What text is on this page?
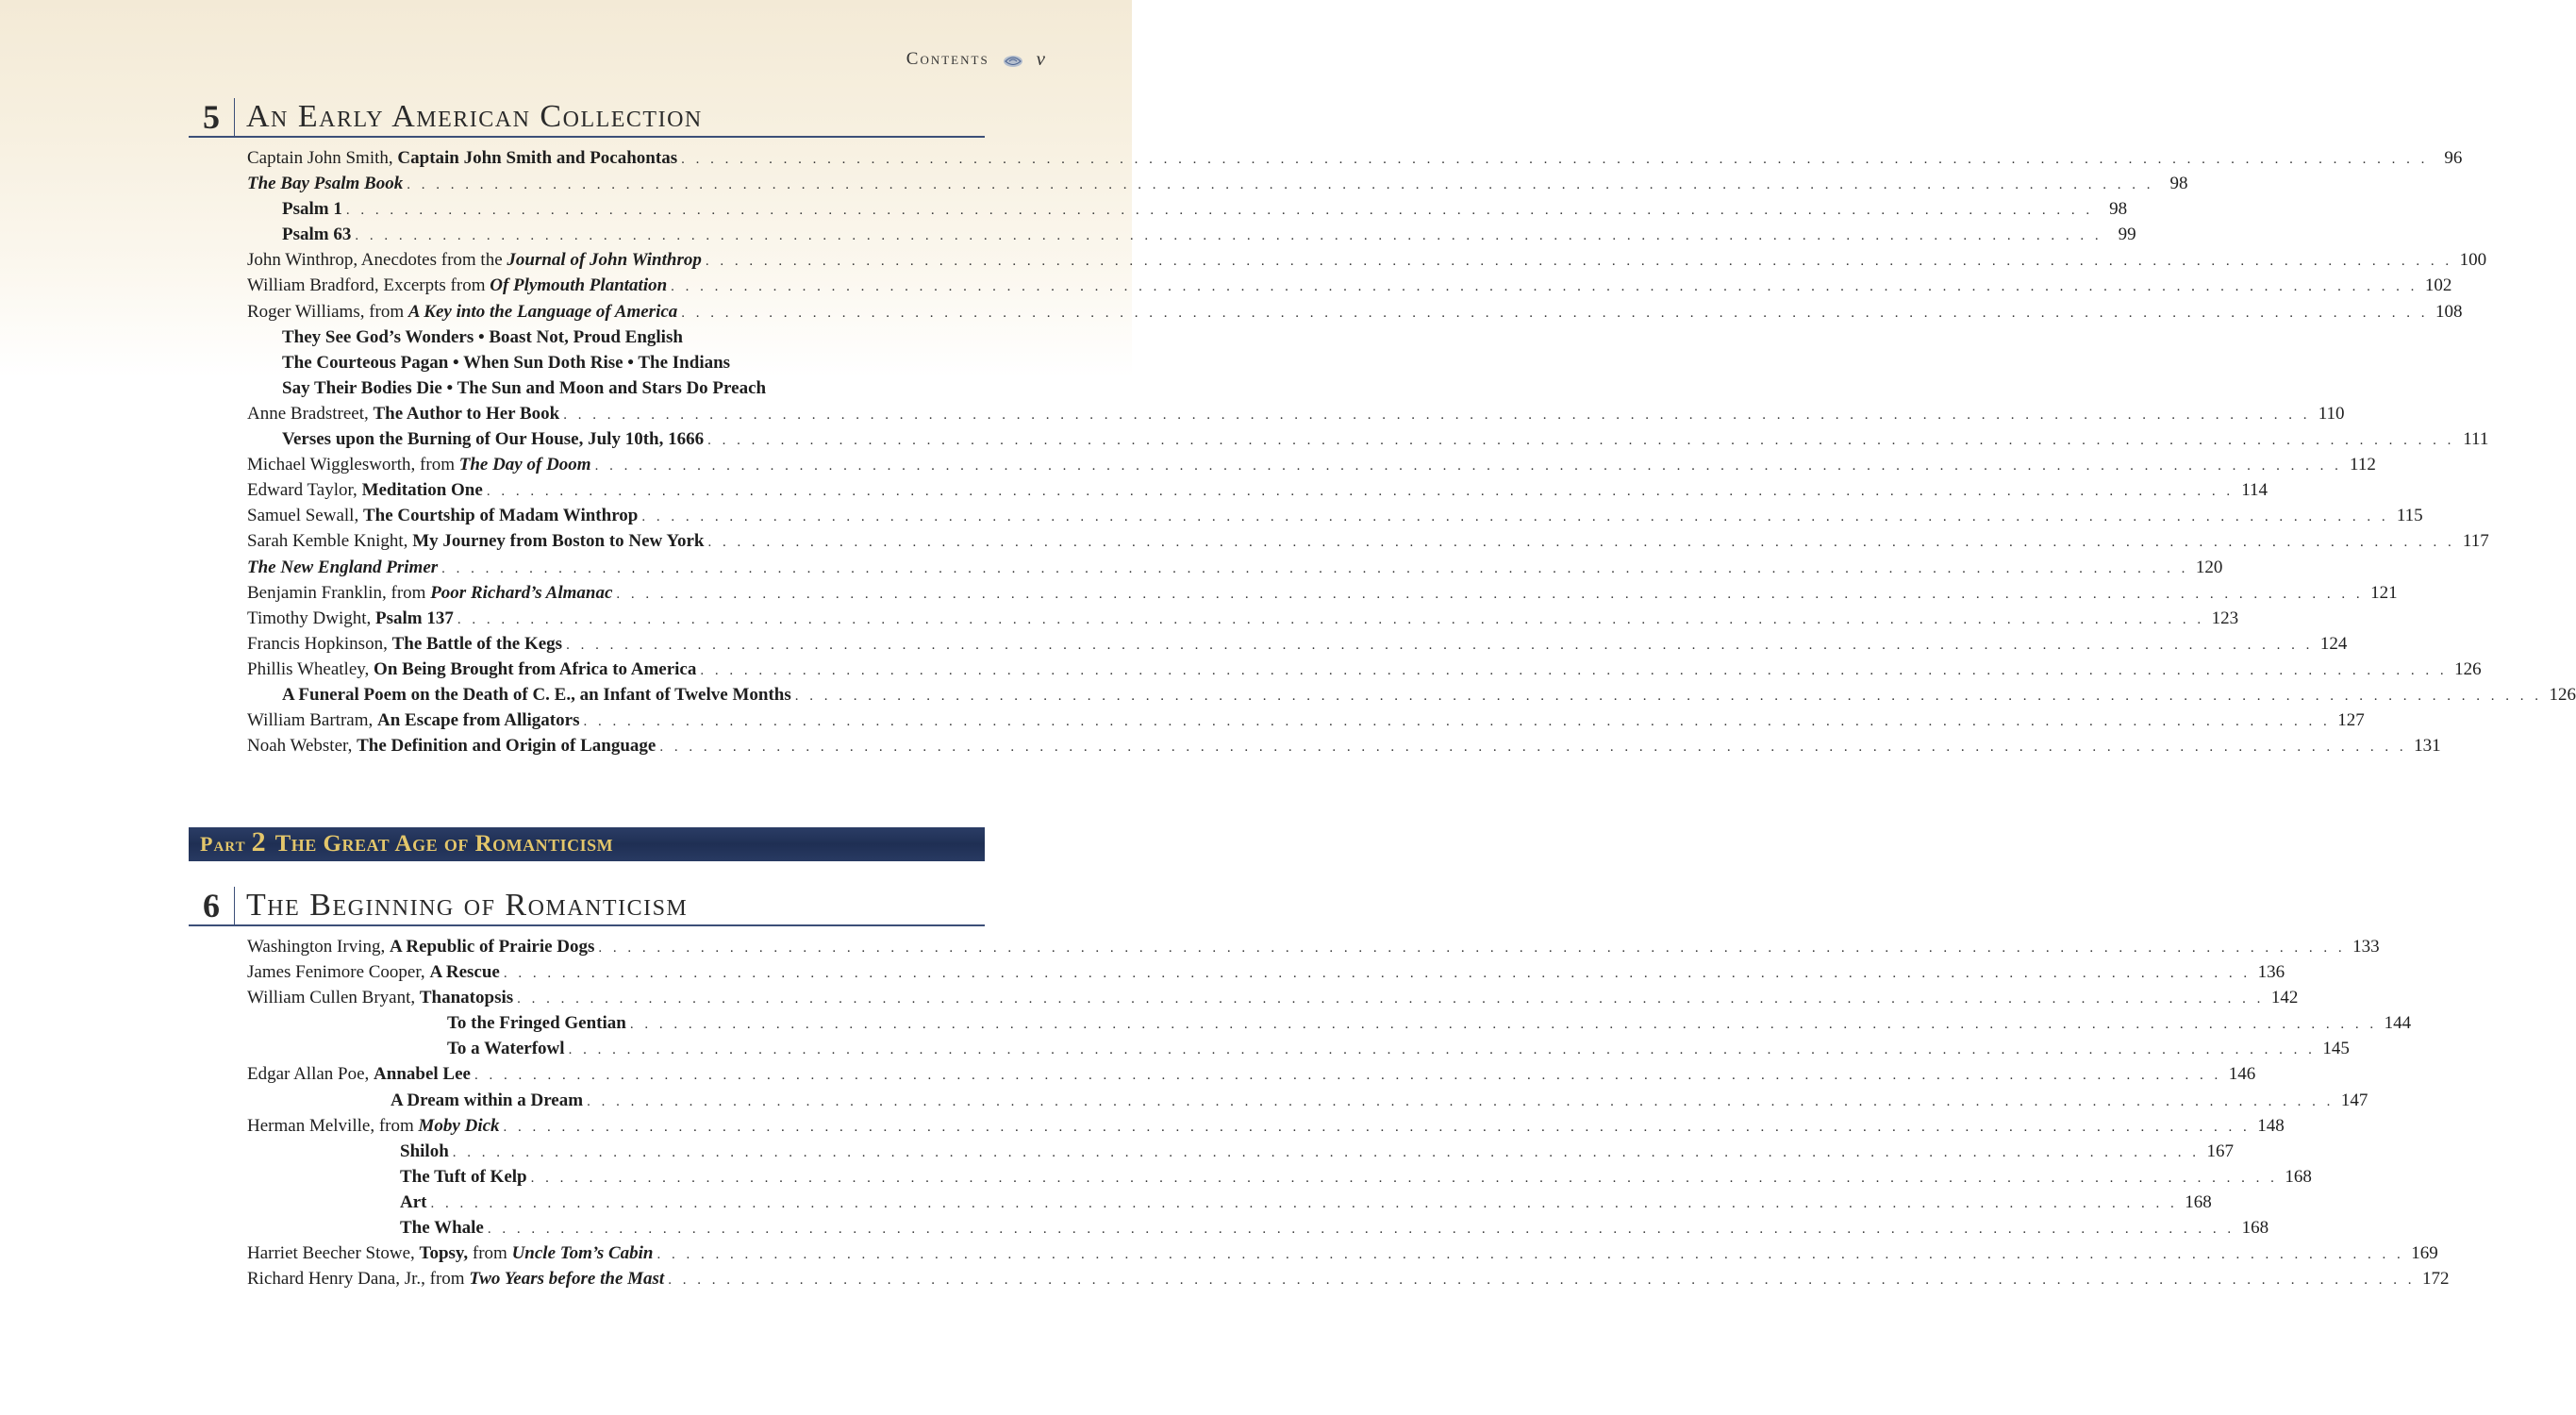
Contents v
5 An Early American Collection
Captain John Smith, Captain John Smith and Pocahontas . . . . . . . . . . . . . . . . . . . . . . . . . . . . . . . . . . . . . . . . . . . . . . . . . . . . . . . . . . . . . . . . . . . . . . . . . . . . . . . . . . . . . . . . . . . . . . . . . . . . . . . . . . . . . . . . . . . . . . . . 96
The Bay Psalm Book . . . . . . . . . . . . . . . . . . . . . . . . . . . . . . . . . . . . . . . . . . . . . . . . . . . . . . . . . . . . . . . . . . . . . . . . . . . . . . . . . . . . . . . . . . . . . . . . . . . . . . . . . . . . . . . . . . . . . . . . 98
Psalm 1 . . . . . . . . . . . . . . . . . . . . . . . . . . . . . . . . . . . . . . . . . . . . . . . . . . . . . . . . . . . . . . . . . . . . . . . . . . . . . . . . . . . . . . . . . . . . . . . . . . . . . . . . . . . . . . . . . . . . . . . . 98
Psalm 63 . . . . . . . . . . . . . . . . . . . . . . . . . . . . . . . . . . . . . . . . . . . . . . . . . . . . . . . . . . . . . . . . . . . . . . . . . . . . . . . . . . . . . . . . . . . . . . . . . . . . . . . . . . . . . . . . . . . . . . . . 99
John Winthrop, Anecdotes from the Journal of John Winthrop . . . . . . . . . . . . . . . . . . . . . . . . . . . . . . . . . . . . . . . . . . . . . . . . . . . . . . . . . . . . . . . . . . . . . . . . . . . . . . . . . . . . . . . . . . . . . . . . . . . . . . . . . . . . . . . . . . . . . . . . 100
William Bradford, Excerpts from Of Plymouth Plantation . . . . . . . . . . . . . . . . . . . . . . . . . . . . . . . . . . . . . . . . . . . . . . . . . . . . . . . . . . . . . . . . . . . . . . . . . . . . . . . . . . . . . . . . . . . . . . . . . . . . . . . . . . . . . . . . . . . . . . . . 102
Roger Williams, from A Key into the Language of America . . . . . . . . . . . . . . . . . . . . . . . . . . . . . . . . . . . . . . . . . . . . . . . . . . . . . . . . . . . . . . . . . . . . . . . . . . . . . . . . . . . . . . . . . . . . . . . . . . . . . . . . . . . . . . . . . . . . . . . . 108
They See God’s Wonders • Boast Not, Proud English
The Courteous Pagan • When Sun Doth Rise • The Indians
Say Their Bodies Die • The Sun and Moon and Stars Do Preach
Anne Bradstreet, The Author to Her Book . . . . . . . . . . . . . . . . . . . . . . . . . . . . . . . . . . . . . . . . . . . . . . . . . . . . . . . . . . . . . . . . . . . . . . . . . . . . . . . . . . . . . . . . . . . . . . . . . . . . . . . . . . . . . . . . . . . . . . . . 110
Verses upon the Burning of Our House, July 10th, 1666 . . . . . . . . . . . . . . . . . . . . . . . . . . . . . . . . . . . . . . . . . . . . . . . . . . . . . . . . . . . . . . . . . . . . . . . . . . . . . . . . . . . . . . . . . . . . . . . . . . . . . . . . . . . . . . . . . . . . . . . . 111
Michael Wigglesworth, from The Day of Doom . . . . . . . . . . . . . . . . . . . . . . . . . . . . . . . . . . . . . . . . . . . . . . . . . . . . . . . . . . . . . . . . . . . . . . . . . . . . . . . . . . . . . . . . . . . . . . . . . . . . . . . . . . . . . . . . . . . . . . . . 112
Edward Taylor, Meditation One . . . . . . . . . . . . . . . . . . . . . . . . . . . . . . . . . . . . . . . . . . . . . . . . . . . . . . . . . . . . . . . . . . . . . . . . . . . . . . . . . . . . . . . . . . . . . . . . . . . . . . . . . . . . . . . . . . . . . . . . 114
Samuel Sewall, The Courtship of Madam Winthrop . . . . . . . . . . . . . . . . . . . . . . . . . . . . . . . . . . . . . . . . . . . . . . . . . . . . . . . . . . . . . . . . . . . . . . . . . . . . . . . . . . . . . . . . . . . . . . . . . . . . . . . . . . . . . . . . . . . . . . . . 115
Sarah Kemble Knight, My Journey from Boston to New York . . . . . . . . . . . . . . . . . . . . . . . . . . . . . . . . . . . . . . . . . . . . . . . . . . . . . . . . . . . . . . . . . . . . . . . . . . . . . . . . . . . . . . . . . . . . . . . . . . . . . . . . . . . . . . . . . . . . . . . . 117
The New England Primer . . . . . . . . . . . . . . . . . . . . . . . . . . . . . . . . . . . . . . . . . . . . . . . . . . . . . . . . . . . . . . . . . . . . . . . . . . . . . . . . . . . . . . . . . . . . . . . . . . . . . . . . . . . . . . . . . . . . . . . . 120
Benjamin Franklin, from Poor Richard’s Almanac . . . . . . . . . . . . . . . . . . . . . . . . . . . . . . . . . . . . . . . . . . . . . . . . . . . . . . . . . . . . . . . . . . . . . . . . . . . . . . . . . . . . . . . . . . . . . . . . . . . . . . . . . . . . . . . . . . . . . . . . 121
Timothy Dwight, Psalm 137 . . . . . . . . . . . . . . . . . . . . . . . . . . . . . . . . . . . . . . . . . . . . . . . . . . . . . . . . . . . . . . . . . . . . . . . . . . . . . . . . . . . . . . . . . . . . . . . . . . . . . . . . . . . . . . . . . . . . . . . . 123
Francis Hopkinson, The Battle of the Kegs . . . . . . . . . . . . . . . . . . . . . . . . . . . . . . . . . . . . . . . . . . . . . . . . . . . . . . . . . . . . . . . . . . . . . . . . . . . . . . . . . . . . . . . . . . . . . . . . . . . . . . . . . . . . . . . . . . . . . . . . 124
Phillis Wheatley, On Being Brought from Africa to America . . . . . . . . . . . . . . . . . . . . . . . . . . . . . . . . . . . . . . . . . . . . . . . . . . . . . . . . . . . . . . . . . . . . . . . . . . . . . . . . . . . . . . . . . . . . . . . . . . . . . . . . . . . . . . . . . . . . . . . . 126
A Funeral Poem on the Death of C. E., an Infant of Twelve Months . . . . . . . . . . . . . . . . . . . . . . . . . . . . . . . . . . . . . . . . . . . . . . . . . . . . . . . . . . . . . . . . . . . . . . . . . . . . . . . . . . . . . . . . . . . . . . . . . . . . . . . . . . . . . . . . . . . . . . . . 126
William Bartram, An Escape from Alligators . . . . . . . . . . . . . . . . . . . . . . . . . . . . . . . . . . . . . . . . . . . . . . . . . . . . . . . . . . . . . . . . . . . . . . . . . . . . . . . . . . . . . . . . . . . . . . . . . . . . . . . . . . . . . . . . . . . . . . . . 127
Noah Webster, The Definition and Origin of Language . . . . . . . . . . . . . . . . . . . . . . . . . . . . . . . . . . . . . . . . . . . . . . . . . . . . . . . . . . . . . . . . . . . . . . . . . . . . . . . . . . . . . . . . . . . . . . . . . . . . . . . . . . . . . . . . . . . . . . . . 131
Part 2 The Great Age of Romanticism
6 The Beginning of Romanticism
Washington Irving, A Republic of Prairie Dogs . . . . . . . . . . . . . . . . . . . . . . . . . . . . . . . . . . . . . . . . . . . . . . . . . . . . . . . . . . . . . . . . . . . . . . . . . . . . . . . . . . . . . . . . . . . . . . . . . . . . . . . . . . . . . . . . . . . . . . . . 133
James Fenimore Cooper, A Rescue . . . . . . . . . . . . . . . . . . . . . . . . . . . . . . . . . . . . . . . . . . . . . . . . . . . . . . . . . . . . . . . . . . . . . . . . . . . . . . . . . . . . . . . . . . . . . . . . . . . . . . . . . . . . . . . . . . . . . . . . 136
William Cullen Bryant, Thanatopsis . . . . . . . . . . . . . . . . . . . . . . . . . . . . . . . . . . . . . . . . . . . . . . . . . . . . . . . . . . . . . . . . . . . . . . . . . . . . . . . . . . . . . . . . . . . . . . . . . . . . . . . . . . . . . . . . . . . . . . . . 142
To the Fringed Gentian . . . . . . . . . . . . . . . . . . . . . . . . . . . . . . . . . . . . . . . . . . . . . . . . . . . . . . . . . . . . . . . . . . . . . . . . . . . . . . . . . . . . . . . . . . . . . . . . . . . . . . . . . . . . . . . . . . . . . . . . 144
To a Waterfowl . . . . . . . . . . . . . . . . . . . . . . . . . . . . . . . . . . . . . . . . . . . . . . . . . . . . . . . . . . . . . . . . . . . . . . . . . . . . . . . . . . . . . . . . . . . . . . . . . . . . . . . . . . . . . . . . . . . . . . . . 145
Edgar Allan Poe, Annabel Lee . . . . . . . . . . . . . . . . . . . . . . . . . . . . . . . . . . . . . . . . . . . . . . . . . . . . . . . . . . . . . . . . . . . . . . . . . . . . . . . . . . . . . . . . . . . . . . . . . . . . . . . . . . . . . . . . . . . . . . . . 146
A Dream within a Dream . . . . . . . . . . . . . . . . . . . . . . . . . . . . . . . . . . . . . . . . . . . . . . . . . . . . . . . . . . . . . . . . . . . . . . . . . . . . . . . . . . . . . . . . . . . . . . . . . . . . . . . . . . . . . . . . . . . . . . . . 147
Herman Melville, from Moby Dick . . . . . . . . . . . . . . . . . . . . . . . . . . . . . . . . . . . . . . . . . . . . . . . . . . . . . . . . . . . . . . . . . . . . . . . . . . . . . . . . . . . . . . . . . . . . . . . . . . . . . . . . . . . . . . . . . . . . . . . . 148
Shiloh . . . . . . . . . . . . . . . . . . . . . . . . . . . . . . . . . . . . . . . . . . . . . . . . . . . . . . . . . . . . . . . . . . . . . . . . . . . . . . . . . . . . . . . . . . . . . . . . . . . . . . . . . . . . . . . . . . . . . . . . 167
The Tuft of Kelp . . . . . . . . . . . . . . . . . . . . . . . . . . . . . . . . . . . . . . . . . . . . . . . . . . . . . . . . . . . . . . . . . . . . . . . . . . . . . . . . . . . . . . . . . . . . . . . . . . . . . . . . . . . . . . . . . . . . . . . . 168
Art . . . . . . . . . . . . . . . . . . . . . . . . . . . . . . . . . . . . . . . . . . . . . . . . . . . . . . . . . . . . . . . . . . . . . . . . . . . . . . . . . . . . . . . . . . . . . . . . . . . . . . . . . . . . . . . . . . . . . . . . 168
The Whale . . . . . . . . . . . . . . . . . . . . . . . . . . . . . . . . . . . . . . . . . . . . . . . . . . . . . . . . . . . . . . . . . . . . . . . . . . . . . . . . . . . . . . . . . . . . . . . . . . . . . . . . . . . . . . . . . . . . . . . . 168
Harriet Beecher Stowe, Topsy, from Uncle Tom’s Cabin . . . . . . . . . . . . . . . . . . . . . . . . . . . . . . . . . . . . . . . . . . . . . . . . . . . . . . . . . . . . . . . . . . . . . . . . . . . . . . . . . . . . . . . . . . . . . . . . . . . . . . . . . . . . . . . . . . . . . . . . 169
Richard Henry Dana, Jr., from Two Years before the Mast . . . . . . . . . . . . . . . . . . . . . . . . . . . . . . . . . . . . . . . . . . . . . . . . . . . . . . . . . . . . . . . . . . . . . . . . . . . . . . . . . . . . . . . . . . . . . . . . . . . . . . . . . . . . . . . . . . . . . . . . 172
